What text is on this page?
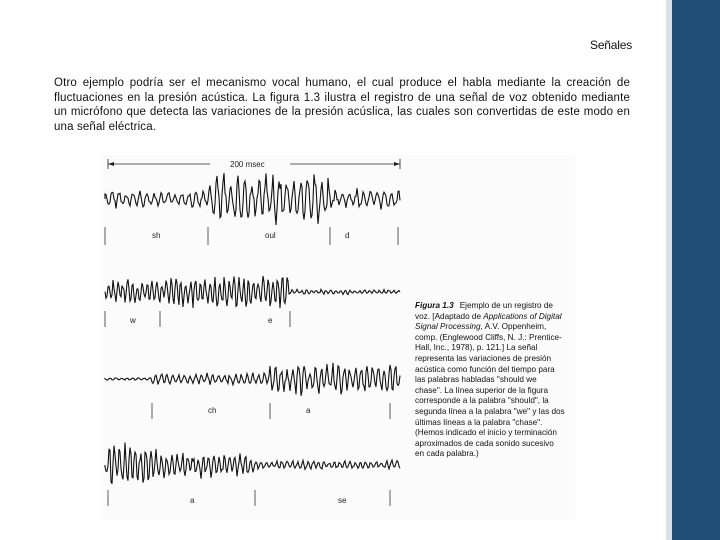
Señales
Otro ejemplo podría ser el mecanismo vocal humano, el cual produce el habla mediante la creación de fluctuaciones en la presión acústica. La figura 1.3 ilustra el registro de una señal de voz obtenido mediante un micrófono que detecta las variaciones de la presión acúslica, las cuales son convertidas de este modo en una señal eléctrica.
200 msec
sh	oul	d
w	e
ch	a
a	se
Figura 1.3 Ejemplo de un registro de voz. [Adaptado de Applications of Digital Signal Processing, A.V. Oppenheim, comp. (Englewood Cliffs, N. J.: Prentice-Hall, Inc., 1978), p. 121.] La señal representa las variaciones de presión acústica como función del tiempo para las palabras habladas "should we chase". La línea superior de la figura corresponde a la palabra "should", la segunda línea a la palabra "we" y las dos últimas líneas a la palabra "chase". (Hemos indicado el inicio y terminación aproximados de cada sonido sucesivo en cada palabra.)
